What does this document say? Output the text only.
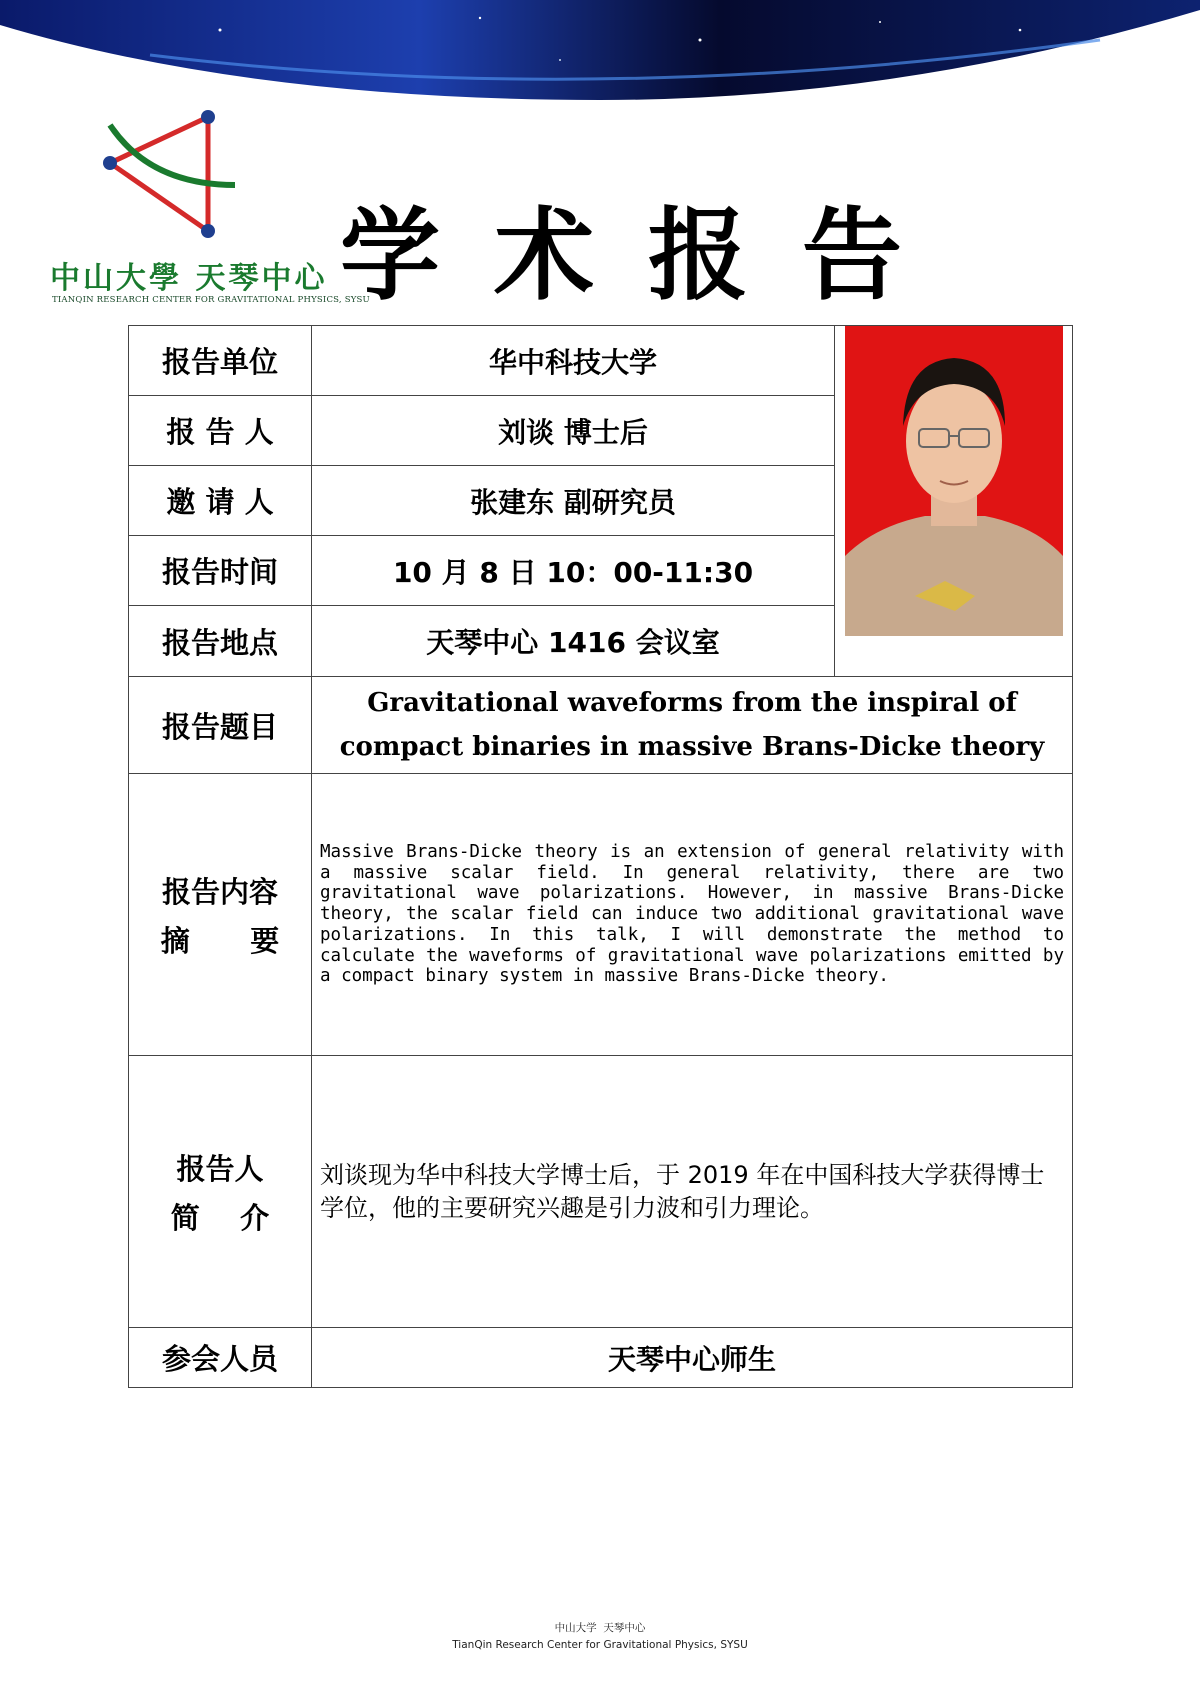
中山大學 天琴中心
TIANQIN RESEARCH CENTER FOR GRAVITATIONAL PHYSICS, SYSU
学术报告
报告单位	华中科技大学	

报 告 人	刘谈 博士后	
邀 请 人	张建东 副研究员	
报告时间	10 月 8 日 10：00-11:30	
报告地点	天琴中心 1416 会议室	
报告题目	Gravitational waveforms from the inspiral of compact binaries in massive Brans-Dicke theory	

报告内容
摘      要	Massive Brans-Dicke theory is an extension of general relativity with a massive scalar field. In general relativity, there are two gravitational wave polarizations. However, in massive Brans-Dicke theory, the scalar field can induce two additional gravitational wave polarizations. In this talk, I will demonstrate the method to calculate the waveforms of gravitational wave polarizations emitted by a compact binary system in massive Brans-Dicke theory.	

报告人
简    介	刘谈现为华中科技大学博士后，于 2019 年在中国科技大学获得博士学位，他的主要研究兴趣是引力波和引力理论。	

参会人员	天琴中心师生	
中山大学  天琴中心
TianQin Research Center for Gravitational Physics, SYSU
